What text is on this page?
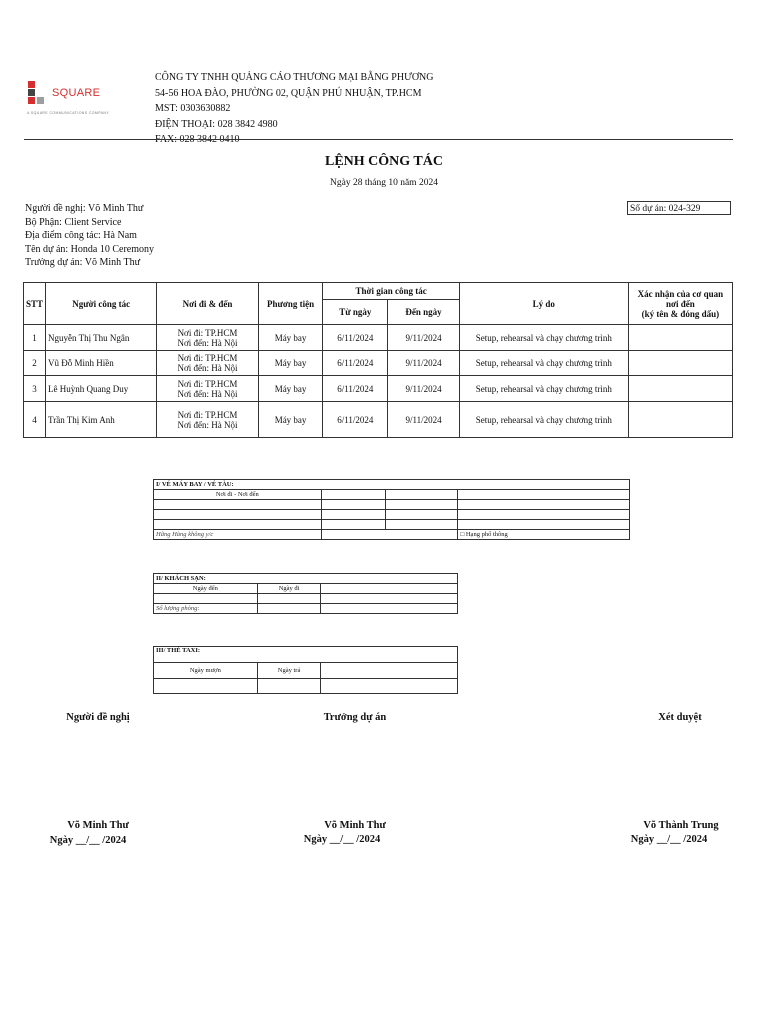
SQUARE
A SQUARE COMMUNICATIONS COMPANY
CÔNG TY TNHH QUẢNG CÁO THƯƠNG MẠI BẰNG PHƯƠNG
54-56 HOA ĐÀO, PHƯỜNG 02, QUẬN PHÚ NHUẬN, TP.HCM
MST: 0303630882
ĐIỆN THOẠI: 028 3842 4980
FAX: 028 3842 0410
LỆNH CÔNG TÁC
Ngày 28 tháng 10 năm 2024
Người đề nghị: Võ Minh Thư
Bộ Phận: Client Service
Địa điểm công tác: Hà Nam
Tên dự án: Honda 10 Ceremony
Trưởng dự án: Võ Minh Thư
Số dự án: 024-329
STT	Người công tác	Nơi đi & đến	Phương tiện	Thời gian công tác		Lý do	Xác nhận của cơ quan
nơi đến
(ký tên & đóng dấu)

				Từ ngày	Đến ngày		
1	Nguyễn Thị Thu Ngân	Nơi đi: TP.HCM
Nơi đến: Hà Nội	Máy bay	6/11/2024	9/11/2024	Setup, rehearsal và chạy chương trình	
2	Vũ Đỗ Minh Hiền	Nơi đi: TP.HCM
Nơi đến: Hà Nội	Máy bay	6/11/2024	9/11/2024	Setup, rehearsal và chạy chương trình	
3	Lê Huỳnh Quang Duy	Nơi đi: TP.HCM
Nơi đến: Hà Nội	Máy bay	6/11/2024	9/11/2024	Setup, rehearsal và chạy chương trình	
4	Trần Thị Kim Anh	Nơi đi: TP.HCM
Nơi đến: Hà Nội	Máy bay	6/11/2024	9/11/2024	Setup, rehearsal và chạy chương trình	
I/ VÉ MÁY BAY / VÉ TÀU:			
Nơi đi - Nơi đến			

Hãng Hàng không y/c			□ Hạng phổ thông
II/ KHÁCH SẠN:		
Ngày đến	Ngày đi	

Số lượng phòng:		
III/ THẺ TAXI:		
Ngày mượn	Ngày trả	

Người đề nghị	Trưởng dự án	Xét duyệt
Võ Minh Thư	Võ Minh Thư	Võ Thành Trung
Ngày __/__ /2024	Ngày __/__ /2024	Ngày __/__ /2024
